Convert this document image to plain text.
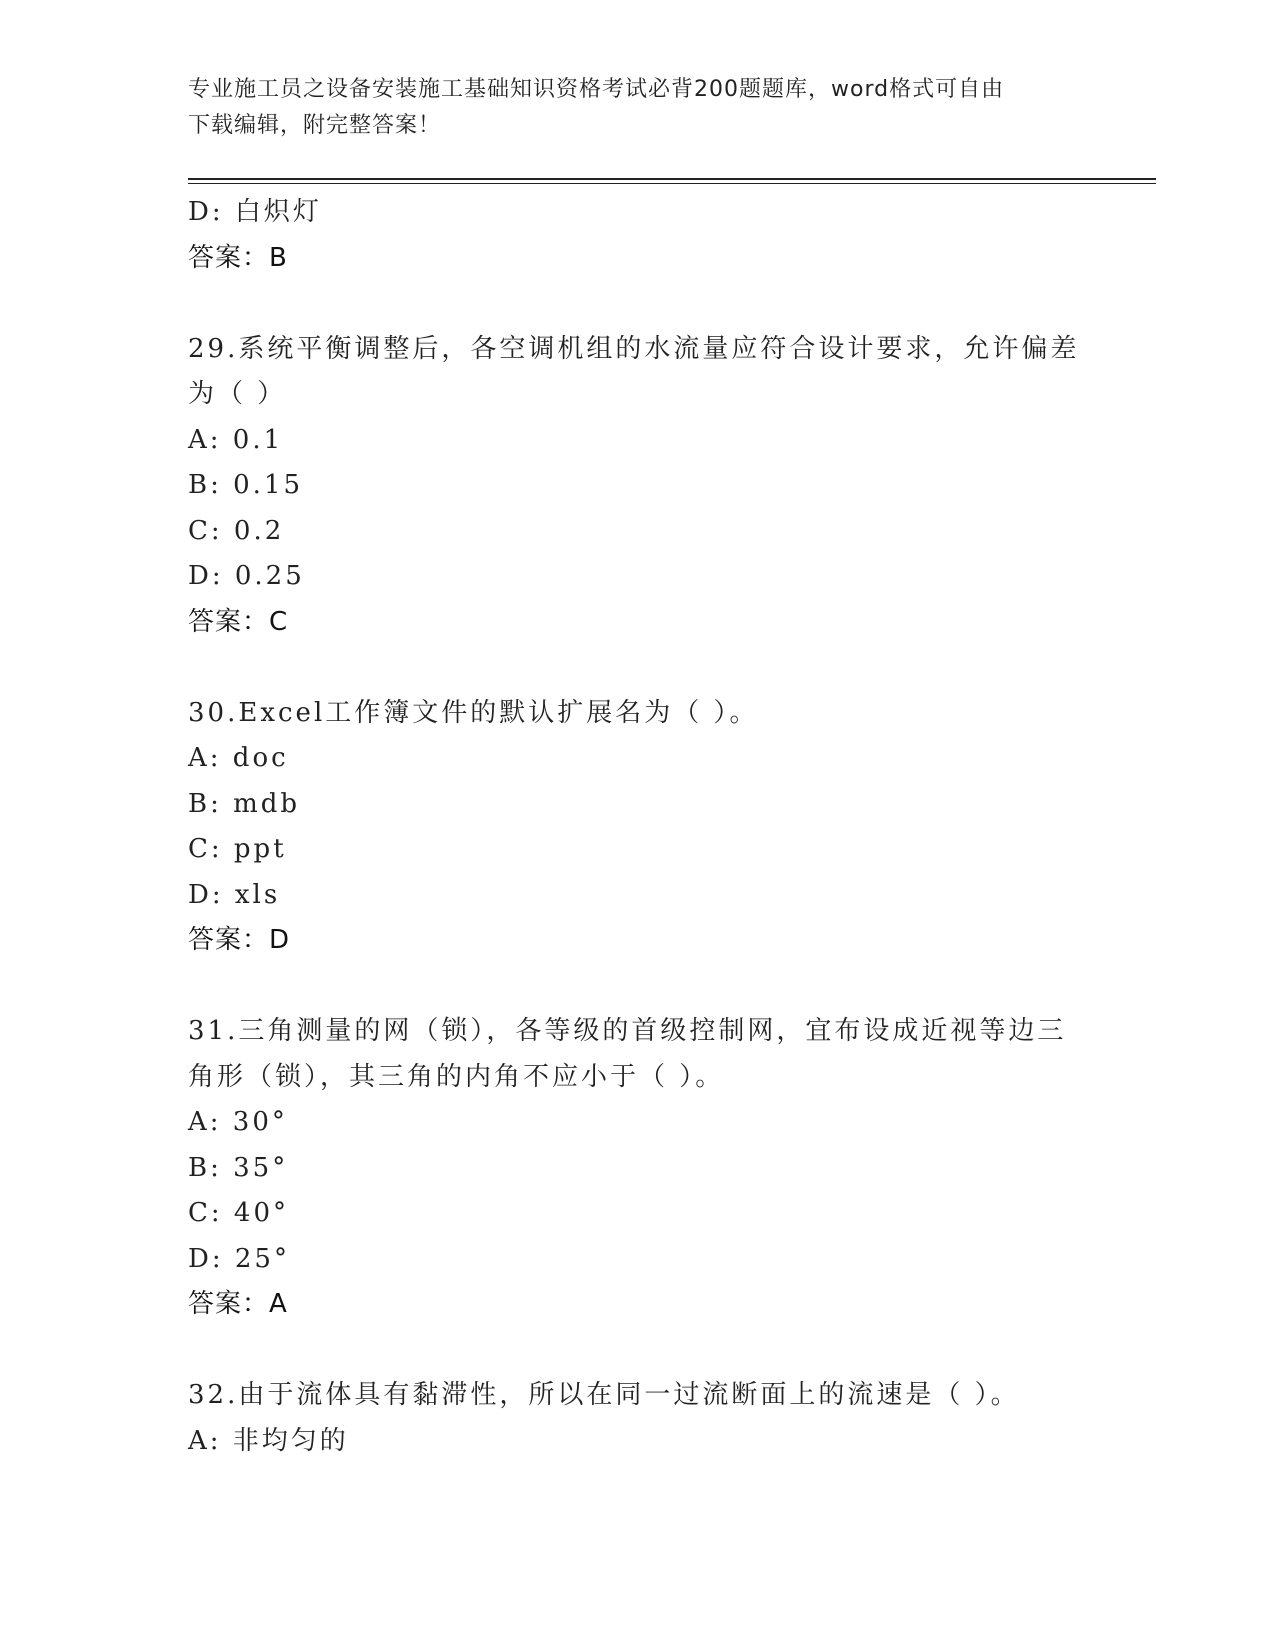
专业施工员之设备安装施工基础知识资格考试必背200题题库，word格式可自由
下载编辑，附完整答案！
D: 白炽灯
答案：B
29.系统平衡调整后，各空调机组的水流量应符合设计要求，允许偏差
为（ ）
A: 0.1
B: 0.15
C: 0.2
D: 0.25
答案：C
30.Excel工作簿文件的默认扩展名为（ ）。
A: doc
B: mdb
C: ppt
D: xls
答案：D
31.三角测量的网（锁），各等级的首级控制网，宜布设成近视等边三
角形（锁），其三角的内角不应小于（ ）。
A: 30°
B: 35°
C: 40°
D: 25°
答案：A
32.由于流体具有黏滞性，所以在同一过流断面上的流速是（ ）。
A: 非均匀的
